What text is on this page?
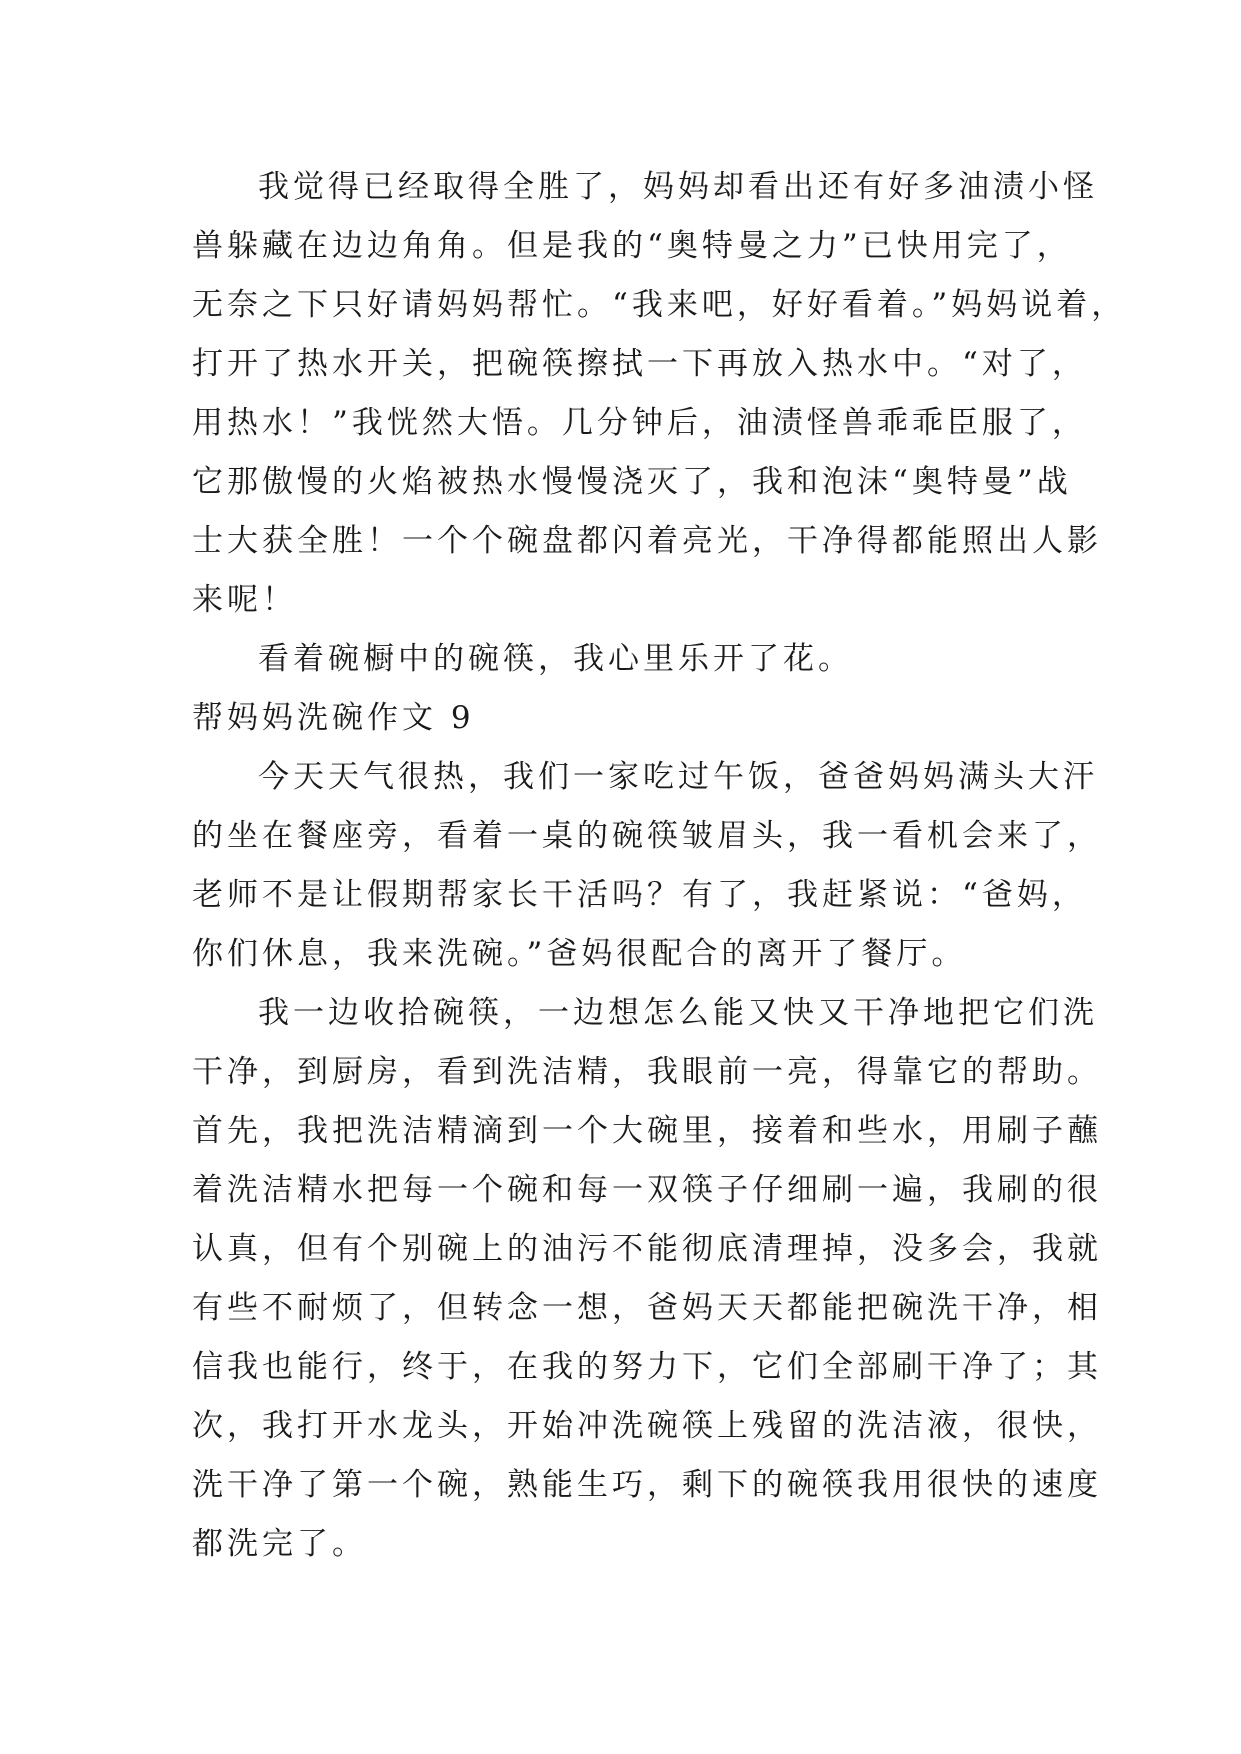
我觉得已经取得全胜了，妈妈却看出还有好多油渍小怪
兽躲藏在边边角角。但是我的“奥特曼之力”已快用完了，
无奈之下只好请妈妈帮忙。“我来吧，好好看着。”妈妈说着，
打开了热水开关，把碗筷擦拭一下再放入热水中。“对了，
用热水！”我恍然大悟。几分钟后，油渍怪兽乖乖臣服了，
它那傲慢的火焰被热水慢慢浇灭了，我和泡沫“奥特曼”战
士大获全胜！一个个碗盘都闪着亮光，干净得都能照出人影
来呢！
看着碗橱中的碗筷，我心里乐开了花。
帮妈妈洗碗作文 9
今天天气很热，我们一家吃过午饭，爸爸妈妈满头大汗
的坐在餐座旁，看着一桌的碗筷皱眉头，我一看机会来了，
老师不是让假期帮家长干活吗？有了，我赶紧说：“爸妈，
你们休息，我来洗碗。”爸妈很配合的离开了餐厅。
我一边收拾碗筷，一边想怎么能又快又干净地把它们洗
干净，到厨房，看到洗洁精，我眼前一亮，得靠它的帮助。
首先，我把洗洁精滴到一个大碗里，接着和些水，用刷子蘸
着洗洁精水把每一个碗和每一双筷子仔细刷一遍，我刷的很
认真，但有个别碗上的油污不能彻底清理掉，没多会，我就
有些不耐烦了，但转念一想，爸妈天天都能把碗洗干净，相
信我也能行，终于，在我的努力下，它们全部刷干净了；其
次，我打开水龙头，开始冲洗碗筷上残留的洗洁液，很快，
洗干净了第一个碗，熟能生巧，剩下的碗筷我用很快的速度
都洗完了。
